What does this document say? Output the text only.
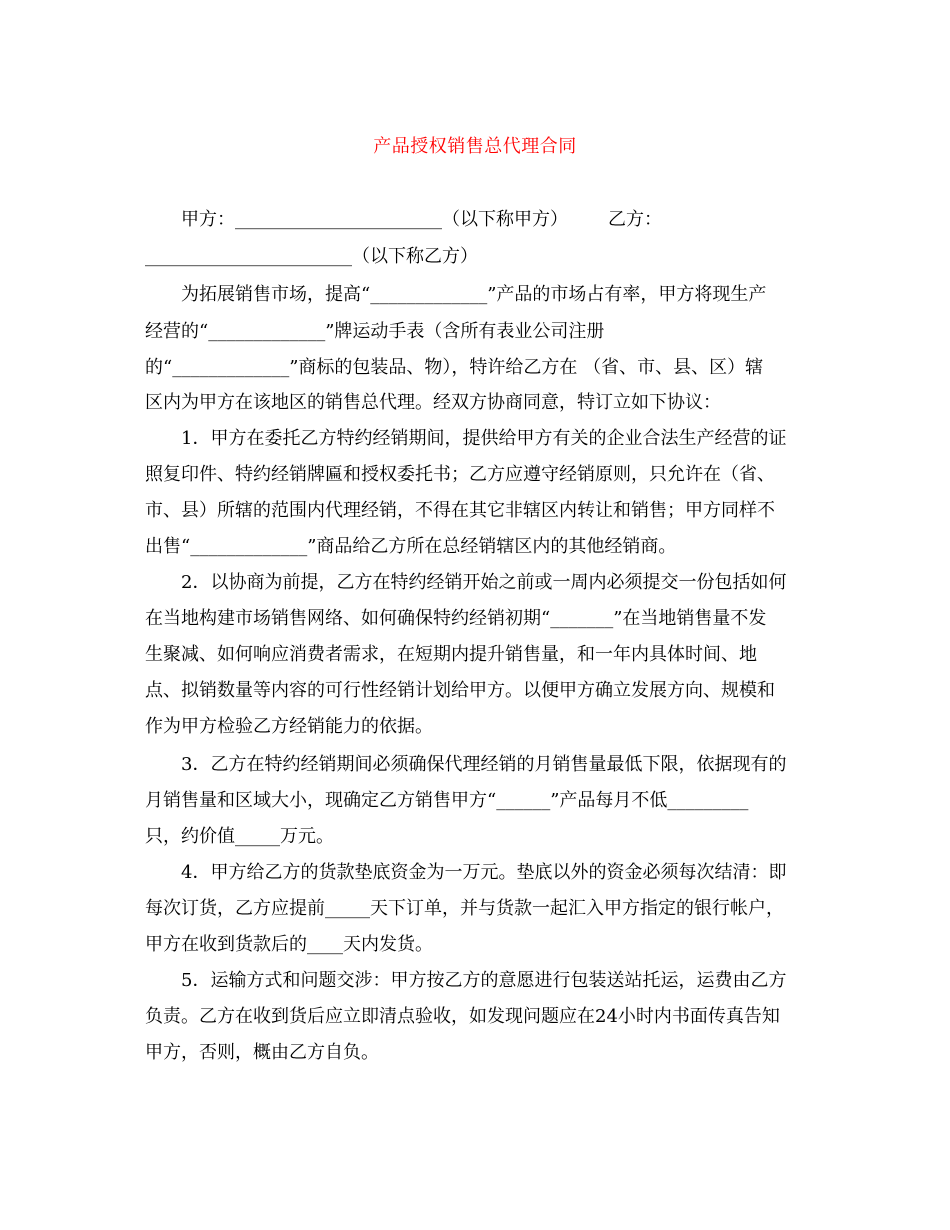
产品授权销售总代理合同
甲方：_______________________（以下称甲方） 乙方：
_______________________（以下称乙方）
为拓展销售市场，提高“_____________”产品的市场占有率，甲方将现生产
经营的“_____________”牌运动手表（含所有表业公司注册
的“_____________”商标的包装品、物），特许给乙方在 （省、市、县、区）辖
区内为甲方在该地区的销售总代理。经双方协商同意，特订立如下协议：
1．甲方在委托乙方特约经销期间，提供给甲方有关的企业合法生产经营的证
照复印件、特约经销牌匾和授权委托书；乙方应遵守经销原则，只允许在（省、
市、县）所辖的范围内代理经销，不得在其它非辖区内转让和销售；甲方同样不
出售“_____________”商品给乙方所在总经销辖区内的其他经销商。
2．以协商为前提，乙方在特约经销开始之前或一周内必须提交一份包括如何
在当地构建市场销售网络、如何确保特约经销初期“_______”在当地销售量不发
生聚减、如何响应消费者需求，在短期内提升销售量，和一年内具体时间、地
点、拟销数量等内容的可行性经销计划给甲方。以便甲方确立发展方向、规模和
作为甲方检验乙方经销能力的依据。
3．乙方在特约经销期间必须确保代理经销的月销售量最低下限，依据现有的
月销售量和区域大小，现确定乙方销售甲方“______”产品每月不低_________
只，约价值_____万元。
4．甲方给乙方的货款垫底资金为一万元。垫底以外的资金必须每次结清：即
每次订货，乙方应提前_____天下订单，并与货款一起汇入甲方指定的银行帐户，
甲方在收到货款后的____天内发货。
5．运输方式和问题交涉：甲方按乙方的意愿进行包装送站托运，运费由乙方
负责。乙方在收到货后应立即清点验收，如发现问题应在24小时内书面传真告知
甲方，否则，概由乙方自负。
